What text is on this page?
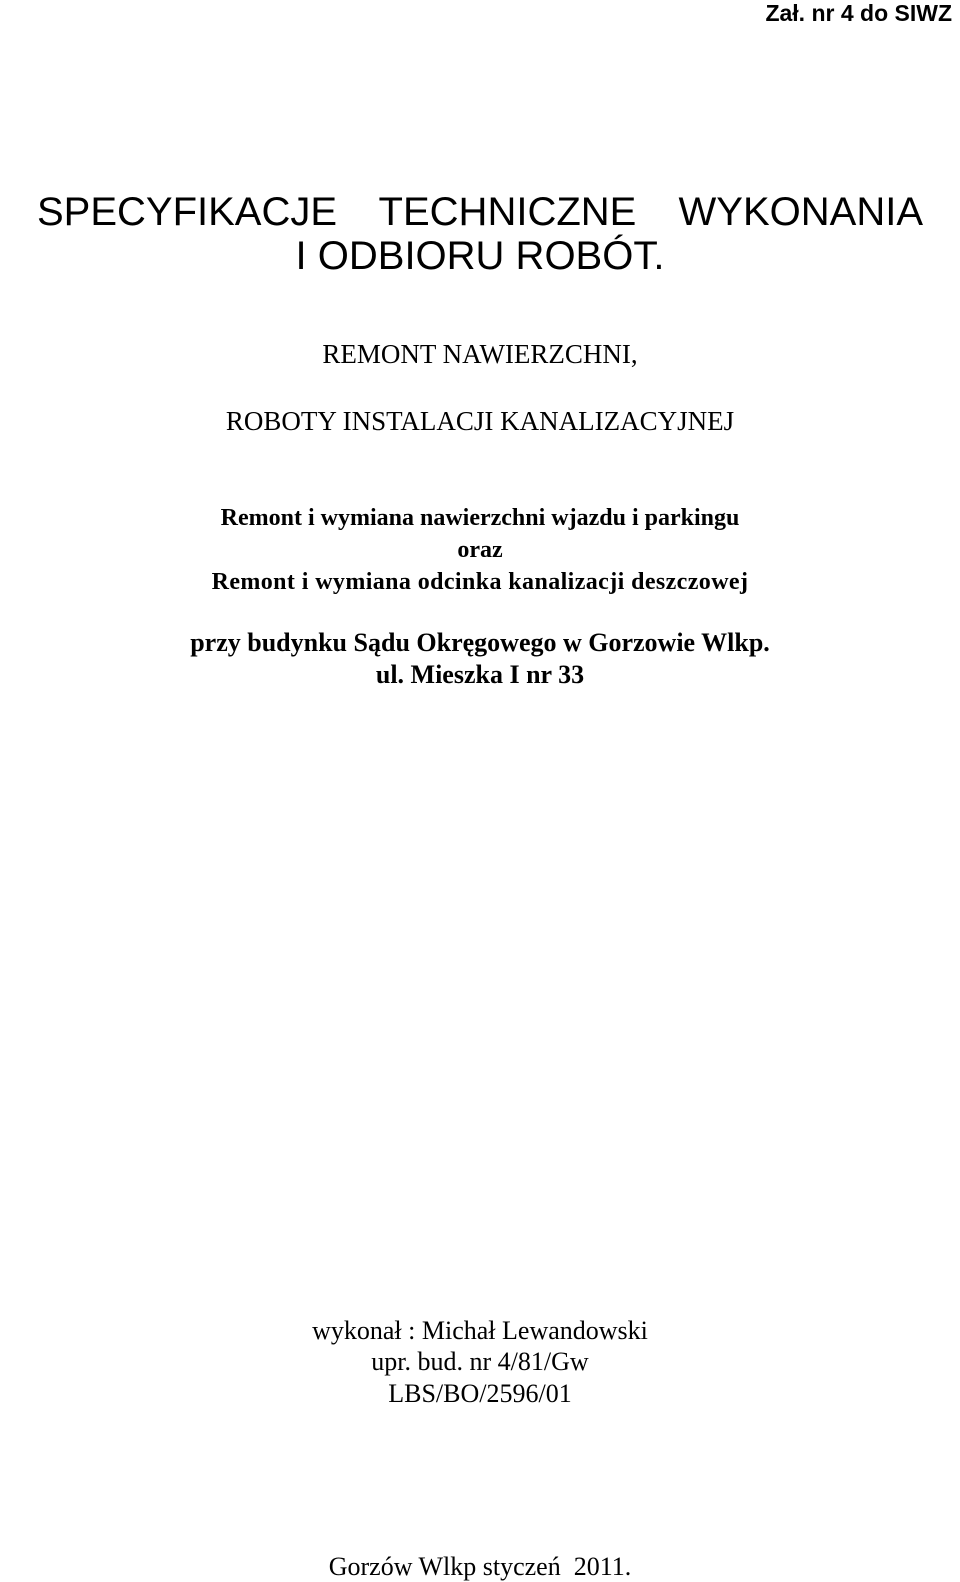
Zał. nr 4 do SIWZ
SPECYFIKACJE  TECHNICZNE  WYKONANIA
I ODBIORU ROBÓT.
REMONT NAWIERZCHNI,
ROBOTY INSTALACJI KANALIZACYJNEJ
Remont i wymiana nawierzchni wjazdu i parkingu
oraz
Remont i wymiana odcinka kanalizacji deszczowej
przy budynku Sądu Okręgowego w Gorzowie Wlkp.
ul. Mieszka I nr 33
wykonał : Michał Lewandowski
upr. bud. nr 4/81/Gw
LBS/BO/2596/01
Gorzów Wlkp styczeń  2011.
